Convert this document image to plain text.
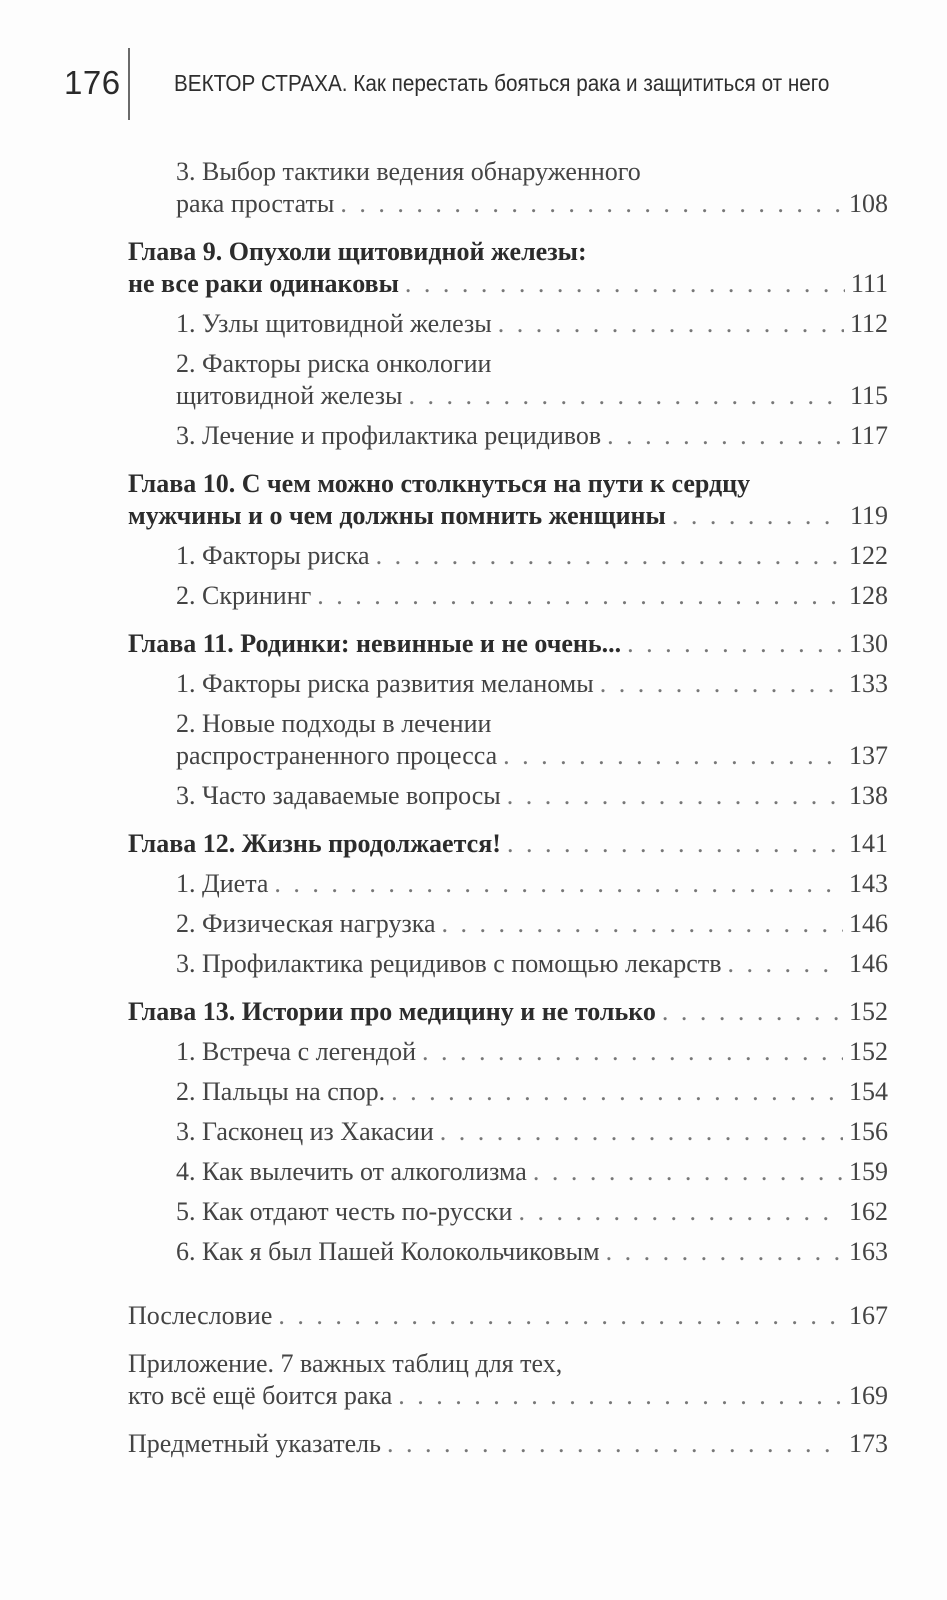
176 ВЕКТОР СТРАХА. Как перестать бояться рака и защититься от него
3. Выбор тактики ведения обнаруженного
рака простаты . . .	108
Глава 9. Опухоли щитовидной железы:
не все раки одинаковы . . .	111
1. Узлы щитовидной железы . . .	112
2. Факторы риска онкологии
щитовидной железы . . .	115
3. Лечение и профилактика рецидивов . . .	117
Глава 10. С чем можно столкнуться на пути к сердцу
мужчины и о чем должны помнить женщины . . .	119
1. Факторы риска . . .	122
2. Скрининг . . .	128
Глава 11. Родинки: невинные и не очень... . . .	130
1. Факторы риска развития меланомы . . .	133
2. Новые подходы в лечении
распространенного процесса . . .	137
3. Часто задаваемые вопросы . . .	138
Глава 12. Жизнь продолжается! . . .	141
1. Диета . . .	143
2. Физическая нагрузка . . .	146
3. Профилактика рецидивов с помощью лекарств . . .	146
Глава 13. Истории про медицину и не только . . .	152
1. Встреча с легендой . . .	152
2. Пальцы на спор. . . .	154
3. Гасконец из Хакасии . . .	156
4. Как вылечить от алкоголизма . . .	159
5. Как отдают честь по-русски . . .	162
6. Как я был Пашей Колокольчиковым . . .	163
Послесловие . . .	167
Приложение. 7 важных таблиц для тех,
кто всё ещё боится рака . . .	169
Предметный указатель . . .	173
